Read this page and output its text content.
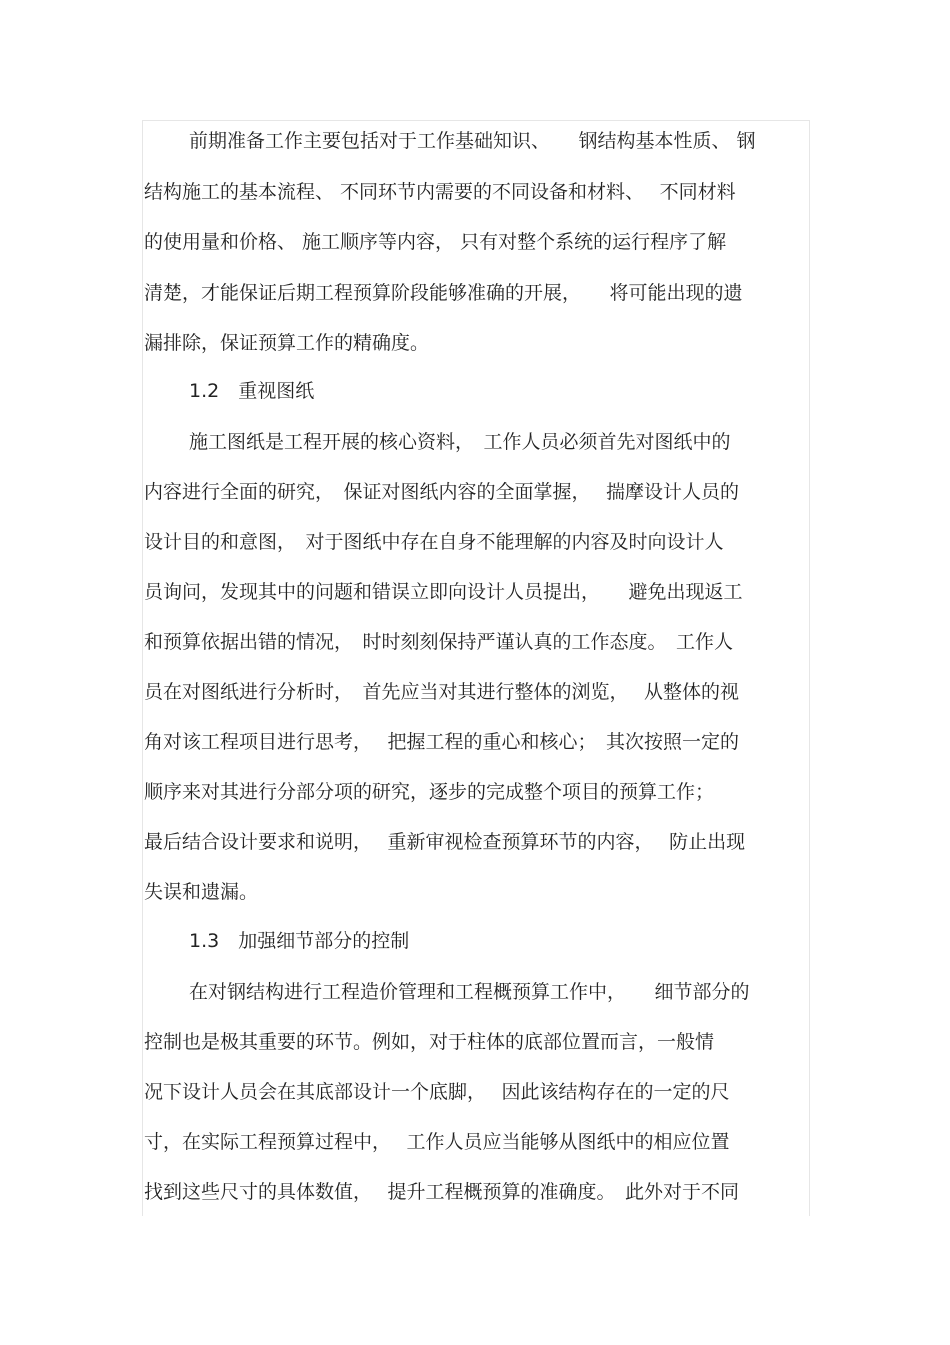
前期准备工作主要包括对于工作基础知识、　　钢结构基本性质、 钢
结构施工的基本流程、 不同环节内需要的不同设备和材料、　 不同材料
的使用量和价格、 施工顺序等内容， 只有对整个系统的运行程序了解
清楚，才能保证后期工程预算阶段能够准确的开展，　　将可能出现的遗
漏排除，保证预算工作的精确度。
1.2　重视图纸
施工图纸是工程开展的核心资料，　工作人员必须首先对图纸中的
内容进行全面的研究，　保证对图纸内容的全面掌握，　 揣摩设计人员的
设计目的和意图，　对于图纸中存在自身不能理解的内容及时向设计人
员询问，发现其中的问题和错误立即向设计人员提出，　　避免出现返工
和预算依据出错的情况，　时时刻刻保持严谨认真的工作态度。　工作人
员在对图纸进行分析时，　首先应当对其进行整体的浏览，　 从整体的视
角对该工程项目进行思考，　 把握工程的重心和核心；　其次按照一定的
顺序来对其进行分部分项的研究，逐步的完成整个项目的预算工作；
最后结合设计要求和说明，　 重新审视检查预算环节的内容，　 防止出现
失误和遗漏。
1.3　加强细节部分的控制
在对钢结构进行工程造价管理和工程概预算工作中，　　细节部分的
控制也是极其重要的环节。例如，对于柱体的底部位置而言，一般情
况下设计人员会在其底部设计一个底脚，　 因此该结构存在的一定的尺
寸，在实际工程预算过程中，　 工作人员应当能够从图纸中的相应位置
找到这些尺寸的具体数值，　 提升工程概预算的准确度。　此外对于不同
